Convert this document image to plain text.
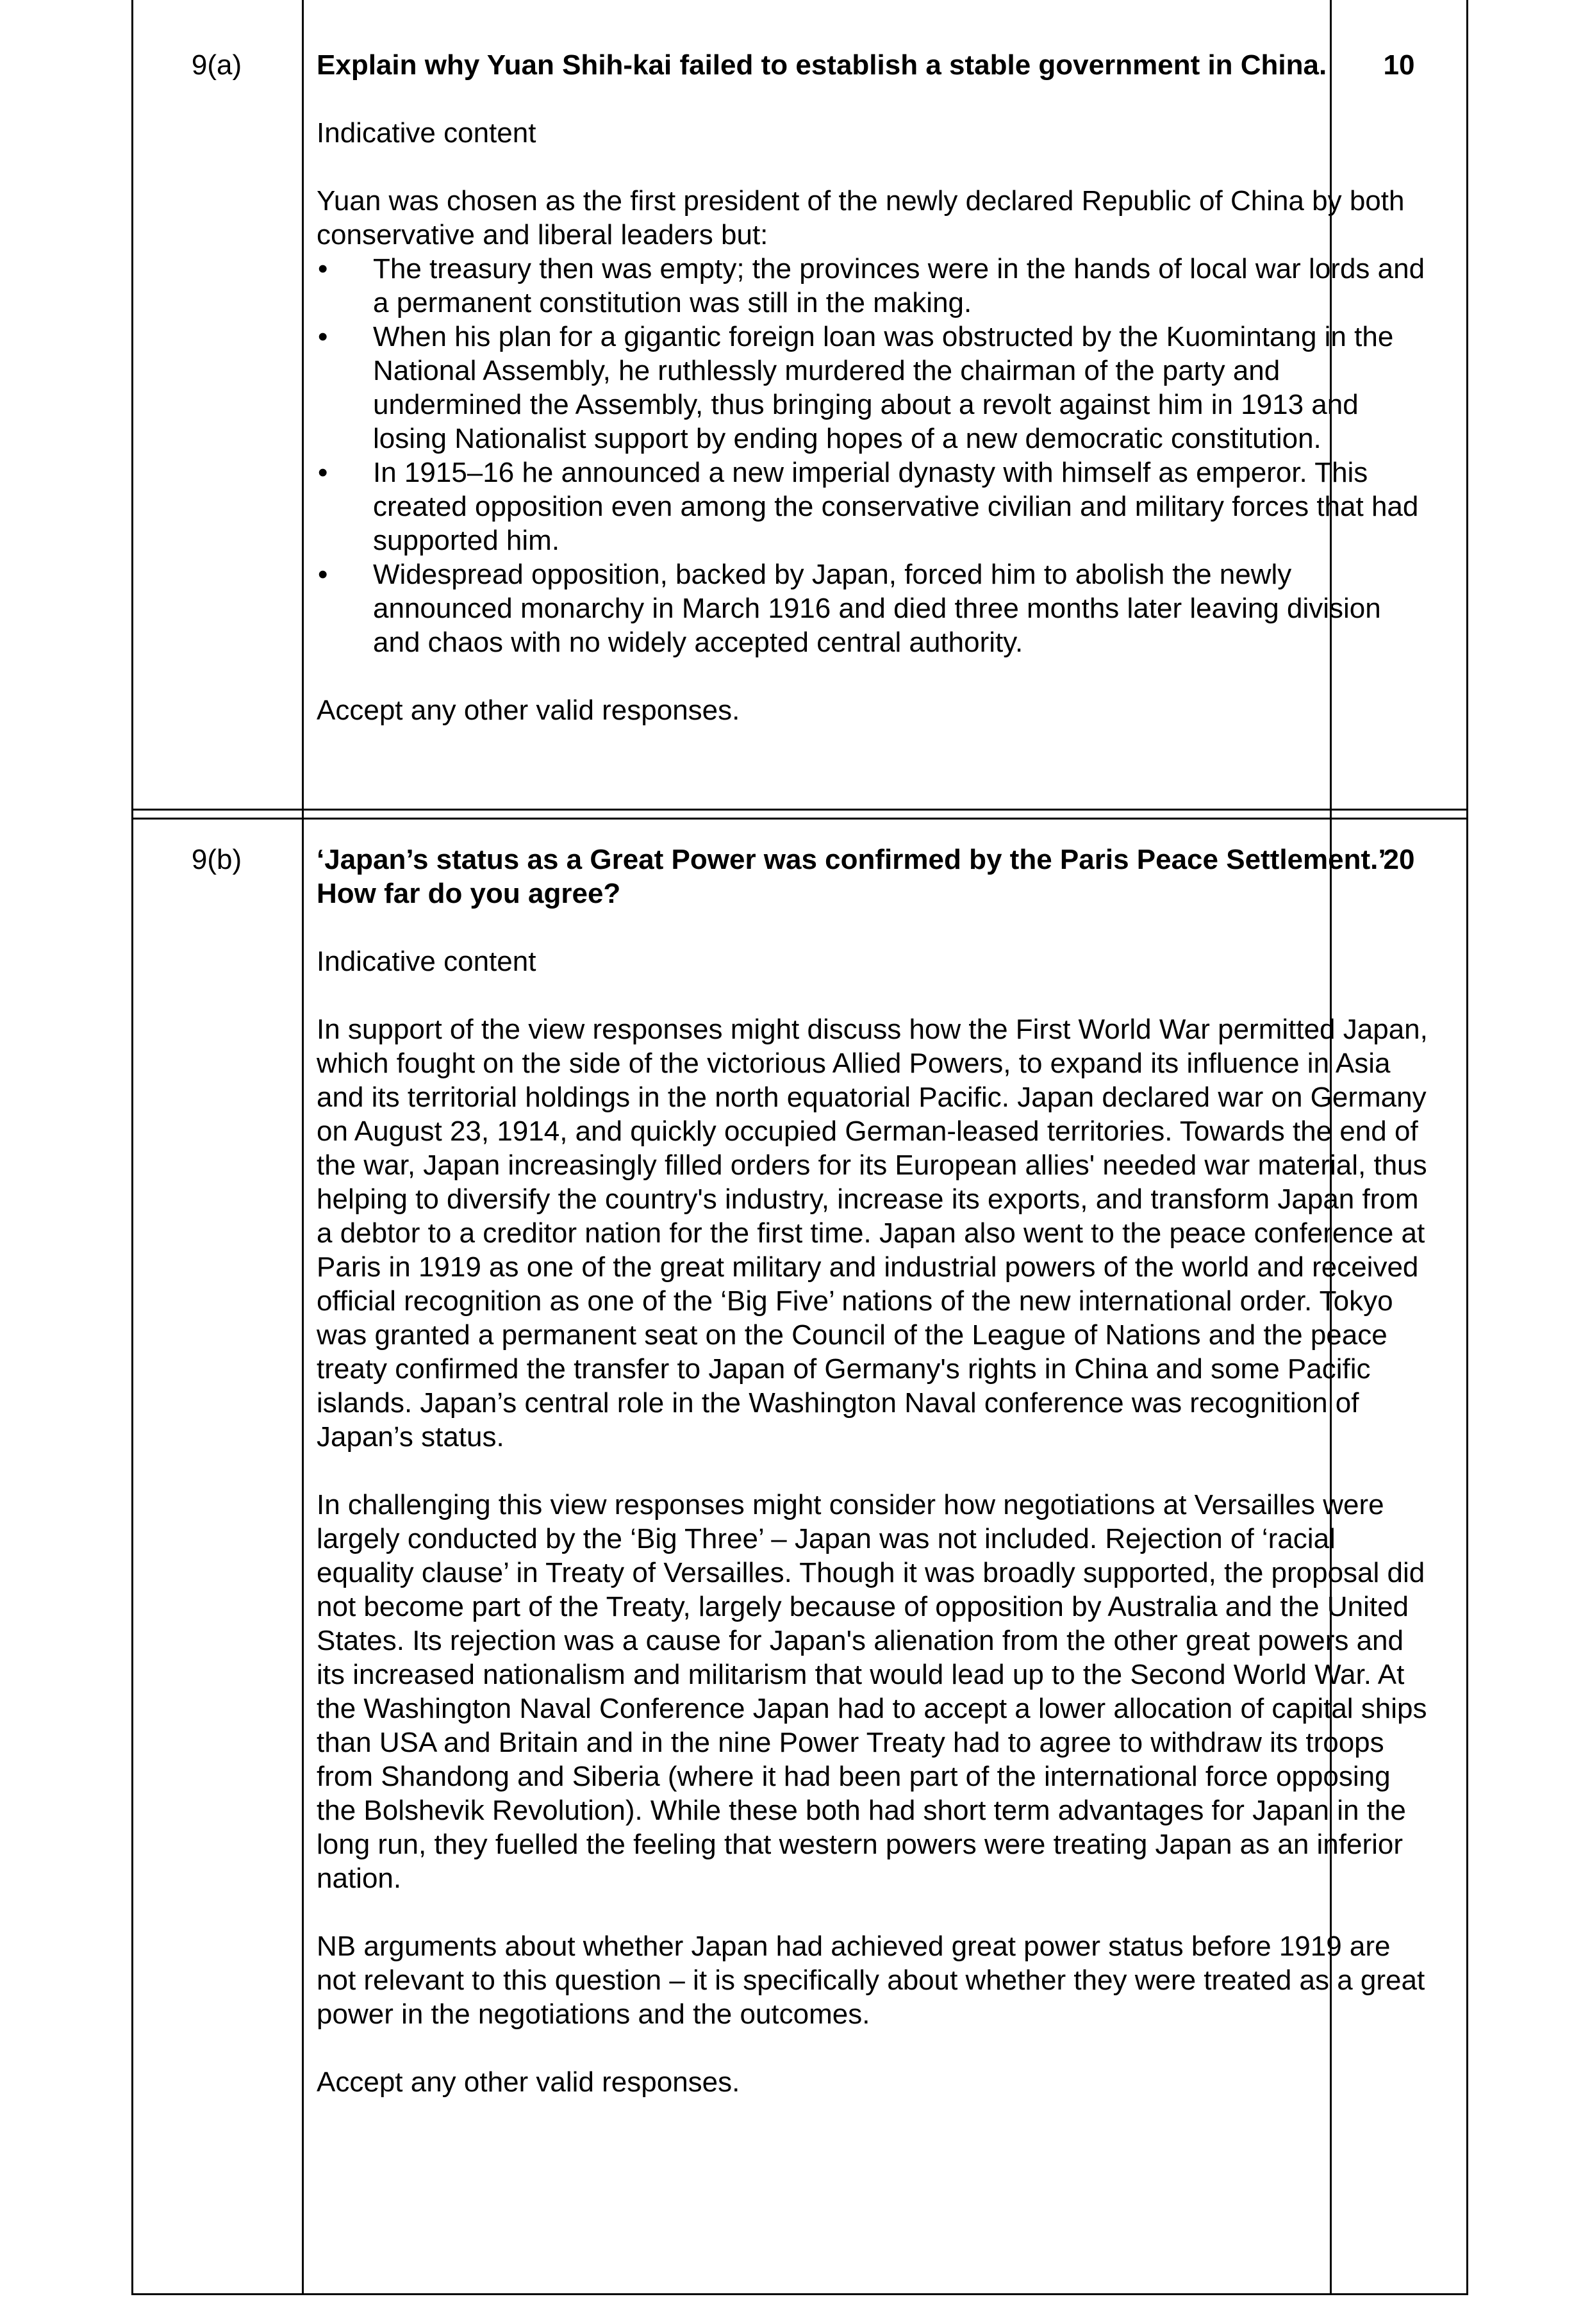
9(a)	Explain why Yuan Shih-kai failed to establish a stable government in China.

Indicative content

Yuan was chosen as the first president of the newly declared Republic of China by both conservative and liberal leaders but:

• The treasury then was empty; the provinces were in the hands of local war lords and a permanent constitution was still in the making.
• When his plan for a gigantic foreign loan was obstructed by the Kuomintang in the National Assembly, he ruthlessly murdered the chairman of the party and undermined the Assembly, thus bringing about a revolt against him in 1913 and losing Nationalist support by ending hopes of a new democratic constitution.
• In 1915–16 he announced a new imperial dynasty with himself as emperor. This created opposition even among the conservative civilian and military forces that had supported him.
• Widespread opposition, backed by Japan, forced him to abolish the newly announced monarchy in March 1916 and died three months later leaving division and chaos with no widely accepted central authority.

Accept any other valid responses.

10
9(b)	‘Japan’s status as a Great Power was confirmed by the Paris Peace Settlement.’ How far do you agree?

Indicative content

In support of the view responses might discuss how the First World War permitted Japan, which fought on the side of the victorious Allied Powers, to expand its influence in Asia and its territorial holdings in the north equatorial Pacific. Japan declared war on Germany on August 23, 1914, and quickly occupied German-leased territories. Towards the end of the war, Japan increasingly filled orders for its European allies' needed war material, thus helping to diversify the country's industry, increase its exports, and transform Japan from a debtor to a creditor nation for the first time. Japan also went to the peace conference at Paris in 1919 as one of the great military and industrial powers of the world and received official recognition as one of the ‘Big Five’ nations of the new international order. Tokyo was granted a permanent seat on the Council of the League of Nations and the peace treaty confirmed the transfer to Japan of Germany's rights in China and some Pacific islands. Japan’s central role in the Washington Naval conference was recognition of Japan’s status.

In challenging this view responses might consider how negotiations at Versailles were largely conducted by the ‘Big Three’ – Japan was not included. Rejection of ‘racial equality clause’ in Treaty of Versailles. Though it was broadly supported, the proposal did not become part of the Treaty, largely because of opposition by Australia and the United States. Its rejection was a cause for Japan's alienation from the other great powers and its increased nationalism and militarism that would lead up to the Second World War. At the Washington Naval Conference Japan had to accept a lower allocation of capital ships than USA and Britain and in the nine Power Treaty had to agree to withdraw its troops from Shandong and Siberia (where it had been part of the international force opposing the Bolshevik Revolution). While these both had short term advantages for Japan in the long run, they fuelled the feeling that western powers were treating Japan as an inferior nation.

NB arguments about whether Japan had achieved great power status before 1919 are not relevant to this question – it is specifically about whether they were treated as a great power in the negotiations and the outcomes.

Accept any other valid responses.

20
